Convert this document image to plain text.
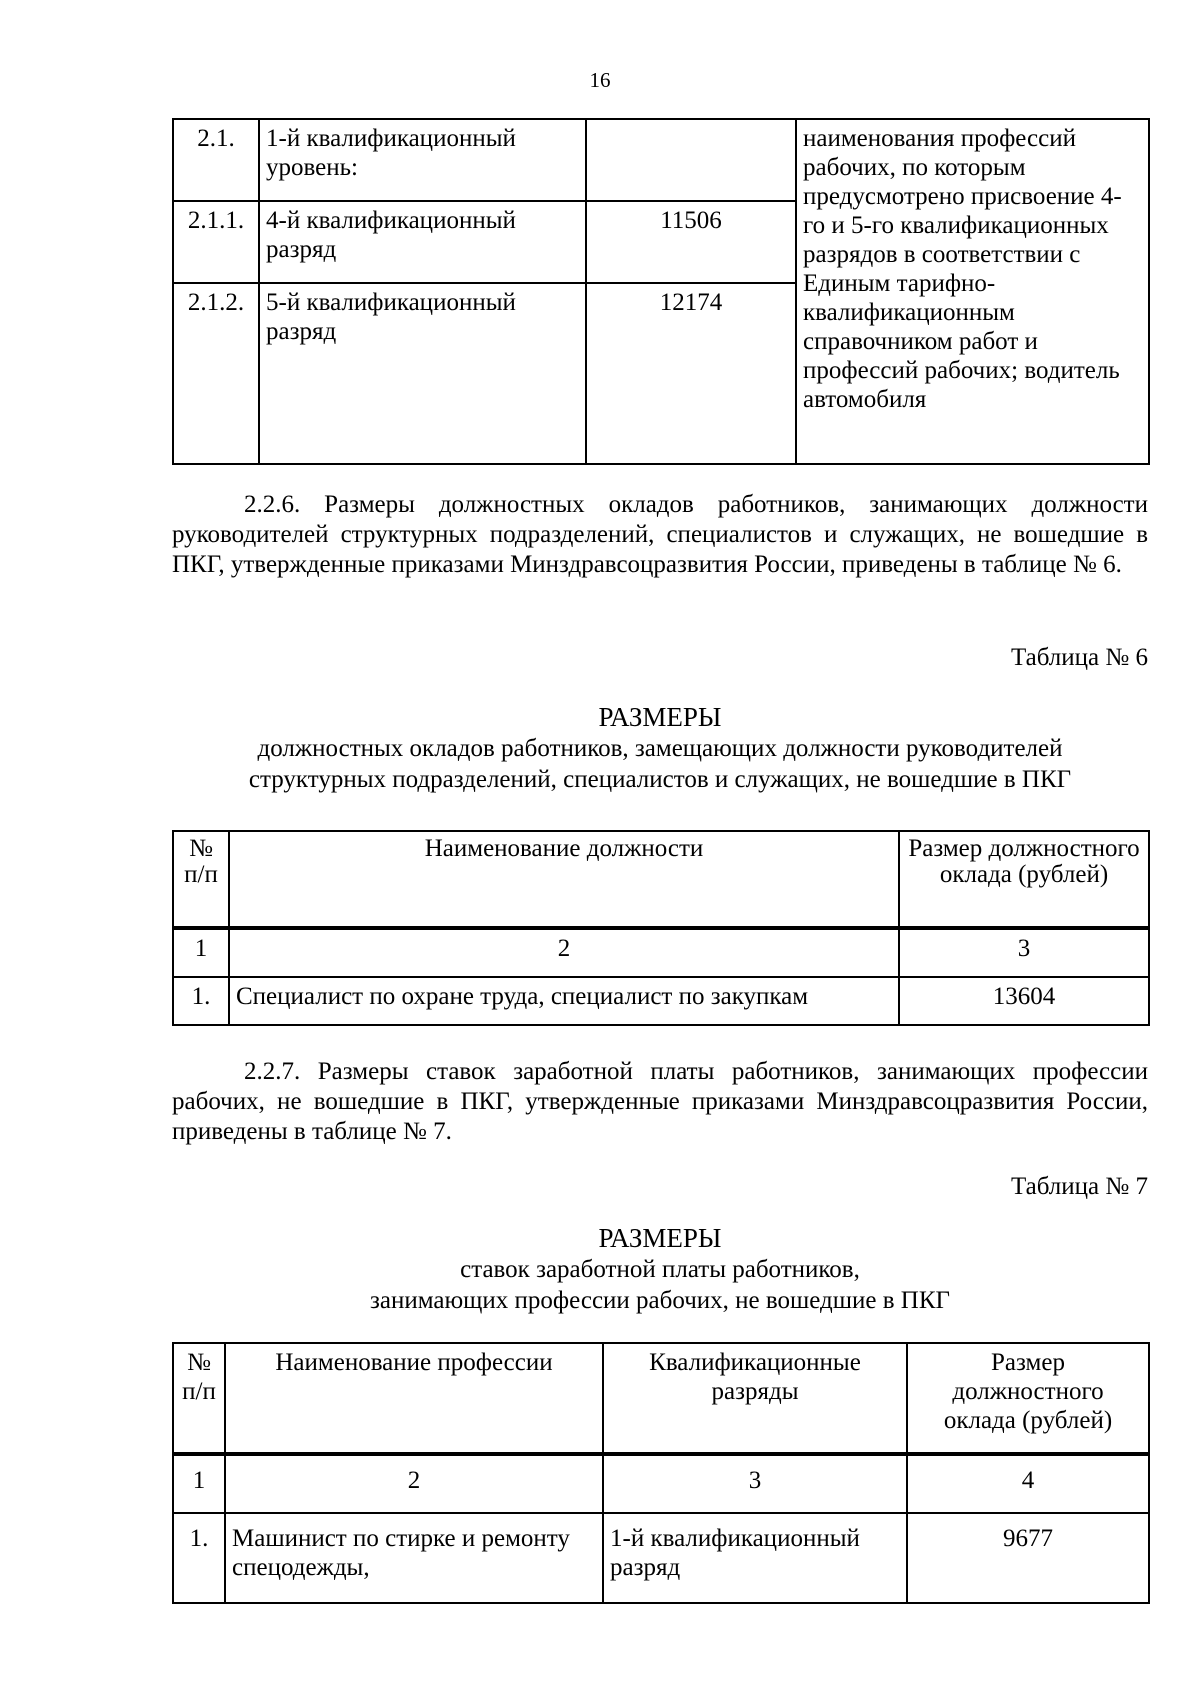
16
2.1.	1-й квалификационный уровень:		наименования профессий рабочих, по которым предусмотрено присвоение 4-го и 5-го квалификационных разрядов в соответствии с Единым тарифно-квалификационным справочником работ и профессий рабочих; водитель автомобиля
2.1.1.	4-й квалификационный разряд	11506	
2.1.2.	5-й квалификационный разряд	12174	
2.2.6. Размеры должностных окладов работников, занимающих должности руководителей структурных подразделений, специалистов и служащих, не вошедшие в ПКГ, утвержденные приказами Минздравсоцразвития России, приведены в таблице № 6.
Таблица № 6
РАЗМЕРЫ
должностных окладов работников, замещающих должности руководителей
структурных подразделений, специалистов и служащих, не вошедшие в ПКГ
№ п/п	Наименование должности	Размер должностного оклада (рублей)
1	2	3
1.	Специалист по охране труда, специалист по закупкам	13604
2.2.7. Размеры ставок заработной платы работников, занимающих профессии рабочих, не вошедшие в ПКГ, утвержденные приказами Минздравсоцразвития России, приведены в таблице № 7.
Таблица № 7
РАЗМЕРЫ
ставок заработной платы работников,
занимающих профессии рабочих, не вошедшие в ПКГ
№ п/п	Наименование профессии	Квалификационные разряды	Размер должностного оклада (рублей)
1	2	3	4
1.	Машинист по стирке и ремонту спецодежды,	1-й квалификационный разряд	9677
